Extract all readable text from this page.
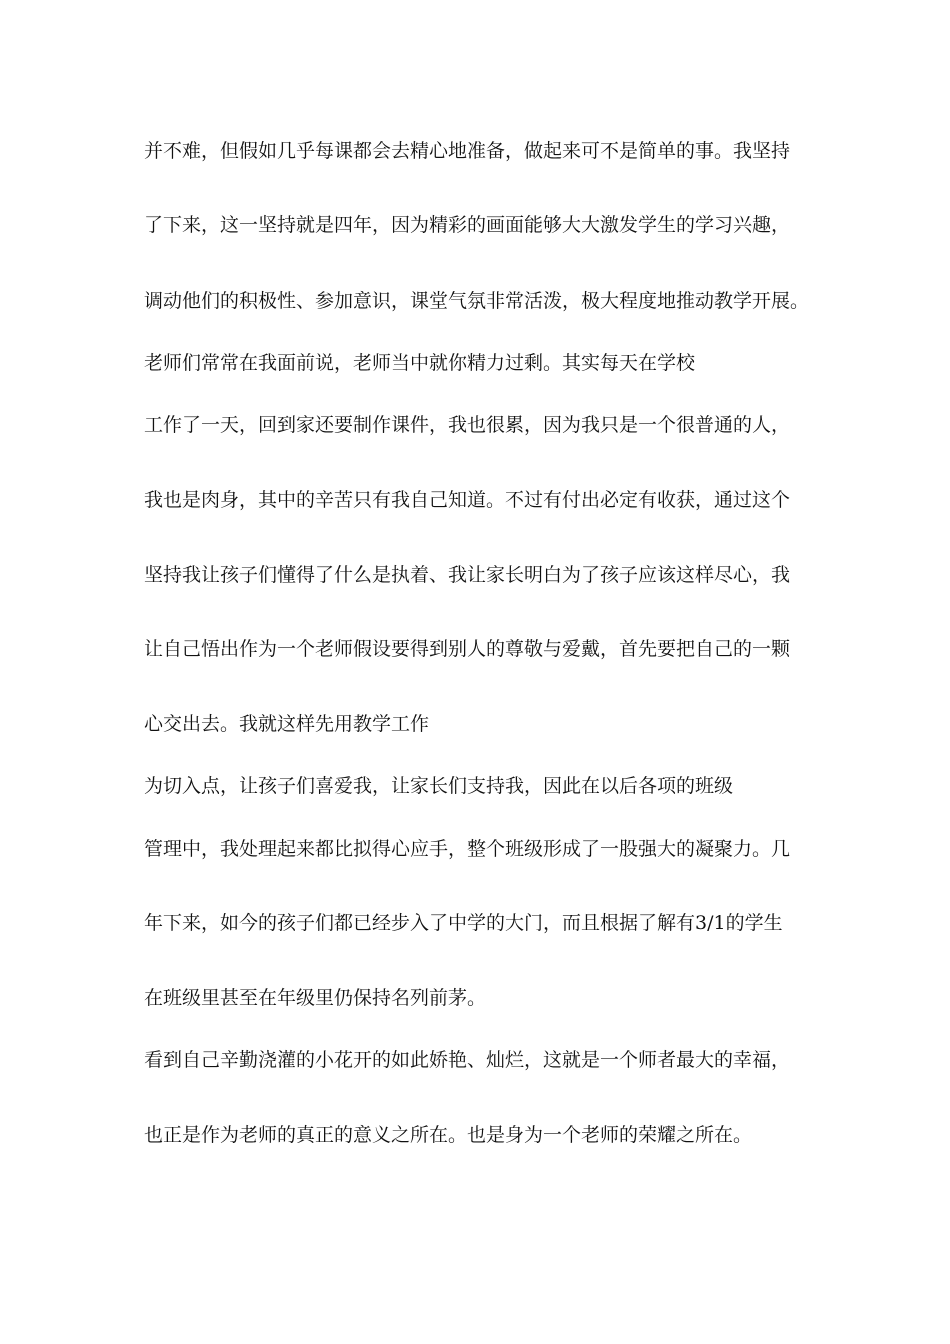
并不难，但假如几乎每课都会去精心地准备，做起来可不是简单的事。我坚持

了下来，这一坚持就是四年，因为精彩的画面能够大大激发学生的学习兴趣，

调动他们的积极性、参加意识，课堂气氛非常活泼，极大程度地推动教学开展。

老师们常常在我面前说，老师当中就你精力过剩。其实每天在学校

工作了一天，回到家还要制作课件，我也很累，因为我只是一个很普通的人，

我也是肉身，其中的辛苦只有我自己知道。不过有付出必定有收获，通过这个

坚持我让孩子们懂得了什么是执着、我让家长明白为了孩子应该这样尽心，我

让自己悟出作为一个老师假设要得到别人的尊敬与爱戴，首先要把自己的一颗

心交出去。我就这样先用教学工作

为切入点，让孩子们喜爱我，让家长们支持我，因此在以后各项的班级

管理中，我处理起来都比拟得心应手，整个班级形成了一股强大的凝聚力。几

年下来，如今的孩子们都已经步入了中学的大门，而且根据了解有3/1的学生

在班级里甚至在年级里仍保持名列前茅。

看到自己辛勤浇灌的小花开的如此娇艳、灿烂，这就是一个师者最大的幸福，

也正是作为老师的真正的意义之所在。也是身为一个老师的荣耀之所在。
